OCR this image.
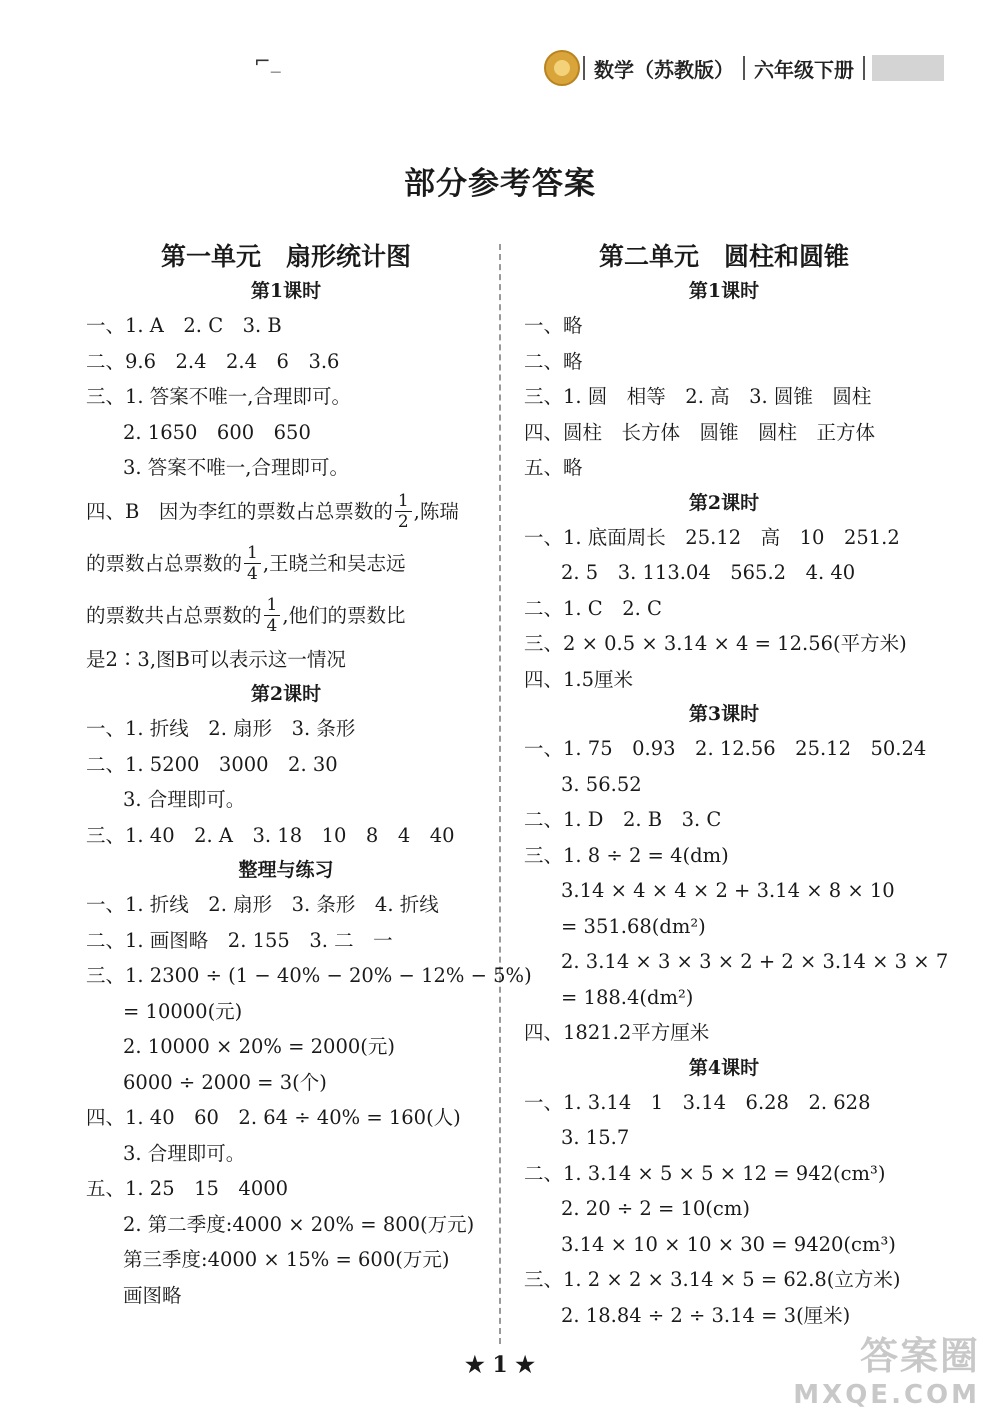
⌐_	数学（苏教版） 六年级下册
部分参考答案
第一单元　扇形统计图
第1课时
一、1. A　2. C　3. B
二、9.6　2.4　2.4　6　3.6
三、1. 答案不唯一,合理即可。
2. 1650　600　650
3. 答案不唯一,合理即可。
四、B　因为李红的票数占总票数的 $\frac{1}{2}$ ,陈瑞
的票数占总票数的 $\frac{1}{4}$ ,王晓兰和吴志远
的票数共占总票数的 $\frac{1}{4}$ ,他们的票数比
是2∶3,图B可以表示这一情况
第2课时
一、1. 折线　2. 扇形　3. 条形
二、1. 5200　3000　2. 30
3. 合理即可。
三、1. 40　2. A　3. 18　10　8　4　40
整理与练习
一、1. 折线　2. 扇形　3. 条形　4. 折线
二、1. 画图略　2. 155　3. 二　一
三、1. 2300 ÷ (1 − 40% − 20% − 12% − 5%)
= 10000(元)
2. 10000 × 20% = 2000(元)
6000 ÷ 2000 = 3(个)
四、1. 40　60　2. 64 ÷ 40% = 160(人)
3. 合理即可。
五、1. 25　15　4000
2. 第二季度:4000 × 20% = 800(万元)
第三季度:4000 × 15% = 600(万元)
画图略
第二单元　圆柱和圆锥
第1课时
一、略
二、略
三、1. 圆　相等　2. 高　3. 圆锥　圆柱
四、圆柱　长方体　圆锥　圆柱　正方体
五、略
第2课时
一、1. 底面周长　25.12　高　10　251.2
2. 5　3. 113.04　565.2　4. 40
二、1. C　2. C
三、2 × 0.5 × 3.14 × 4 = 12.56(平方米)
四、1.5厘米
第3课时
一、1. 75　0.93　2. 12.56　25.12　50.24
3. 56.52
二、1. D　2. B　3. C
三、1. 8 ÷ 2 = 4(dm)
3.14 × 4 × 4 × 2 + 3.14 × 8 × 10
= 351.68(dm²)
2. 3.14 × 3 × 3 × 2 + 2 × 3.14 × 3 × 7
= 188.4(dm²)
四、1821.2平方厘米
第4课时
一、1. 3.14　1　3.14　6.28　2. 628
3. 15.7
二、1. 3.14 × 5 × 5 × 12 = 942(cm³)
2. 20 ÷ 2 = 10(cm)
3.14 × 10 × 10 × 30 = 9420(cm³)
三、1. 2 × 2 × 3.14 × 5 = 62.8(立方米)
2. 18.84 ÷ 2 ÷ 3.14 = 3(厘米)
★ 1 ★	答案圈
MXQE.COM
